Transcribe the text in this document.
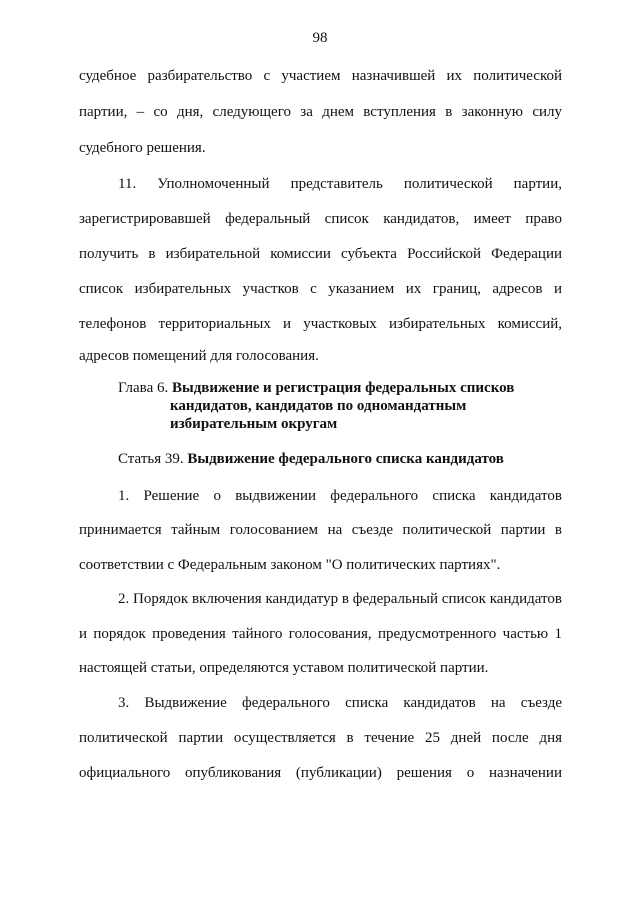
98
судебное разбирательство с участием назначившей их политической
партии, – со дня, следующего за днем вступления в законную силу
судебного решения.
11. Уполномоченный представитель политической партии,
зарегистрировавшей федеральный список кандидатов, имеет право
получить в избирательной комиссии субъекта Российской Федерации
список избирательных участков с указанием их границ, адресов и
телефонов территориальных и участковых избирательных комиссий,
адресов помещений для голосования.
Глава 6. Выдвижение и регистрация федеральных списков
кандидатов, кандидатов по одномандатным
избирательным округам
Статья 39. Выдвижение федерального списка кандидатов
1. Решение о выдвижении федерального списка кандидатов
принимается тайным голосованием на съезде политической партии в
соответствии с Федеральным законом "О политических партиях".
2. Порядок включения кандидатур в федеральный список кандидатов
и порядок проведения тайного голосования, предусмотренного частью 1
настоящей статьи, определяются уставом политической партии.
3. Выдвижение федерального списка кандидатов на съезде
политической партии осуществляется в течение 25 дней после дня
официального опубликования (публикации) решения о назначении
